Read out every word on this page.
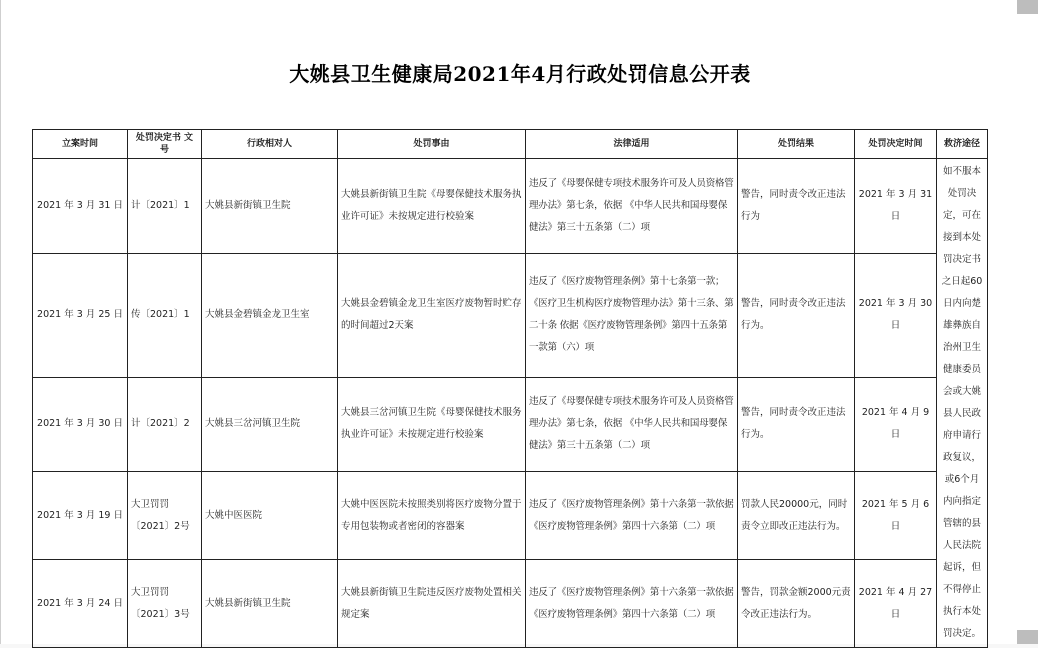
大姚县卫生健康局2021年4月行政处罚信息公开表
立案时间	处罚决定书 文 号	行政相对人	处罚事由	法律适用	处罚结果	处罚决定时间	救济途径
2021 年 3 月 31 日	计〔2021〕1	大姚县新街镇卫生院	大姚县新街镇卫生院《母婴保健技术服务执业许可证》未按规定进行校验案	违反了《母婴保健专项技术服务许可及人员资格管理办法》第七条，依据 《中华人民共和国母婴保健法》第三十五条第（二）项	警告，同时责令改正违法行为	2021 年 3 月 31 日	如不服本处罚决定，可在接到本处罚决定书之日起60日内向楚雄彝族自治州卫生健康委员会或大姚县人民政府申请行政复议，或6个月内向指定管辖的县人民法院起诉，但不得停止执行本处罚决定。
2021 年 3 月 25 日	传〔2021〕1	大姚县金碧镇金龙卫生室	大姚县金碧镇金龙卫生室医疗废物暂时贮存的时间超过2天案	违反了《医疗废物管理条例》第十七条第一款；《医疗卫生机构医疗废物管理办法》第十三条、第二十条 依据《医疗废物管理条例》第四十五条第一款第（六）项	警告，同时责令改正违法行为。	2021 年 3 月 30 日	
2021 年 3 月 30 日	计〔2021〕2	大姚县三岔河镇卫生院	大姚县三岔河镇卫生院《母婴保健技术服务执业许可证》未按规定进行校验案	违反了《母婴保健专项技术服务许可及人员资格管理办法》第七条，依据 《中华人民共和国母婴保健法》第三十五条第（二）项	警告，同时责令改正违法行为。	2021 年 4 月 9 日	
2021 年 3 月 19 日	大卫罚罚〔2021〕2号	大姚中医医院	大姚中医医院未按照类别将医疗废物分置于专用包装物或者密闭的容器案	违反了《医疗废物管理条例》第十六条第一款依据《医疗废物管理条例》第四十六条第（二）项	罚款人民20000元，同时责令立即改正违法行为。	2021 年 5 月 6 日	
2021 年 3 月 24 日	大卫罚罚〔2021〕3号	大姚县新街镇卫生院	大姚县新街镇卫生院违反医疗废物处置相关规定案	违反了《医疗废物管理条例》第十六条第一款依据《医疗废物管理条例》第四十六条第（二）项	警告，罚款金额2000元责令改正违法行为。	2021 年 4 月 27 日	
